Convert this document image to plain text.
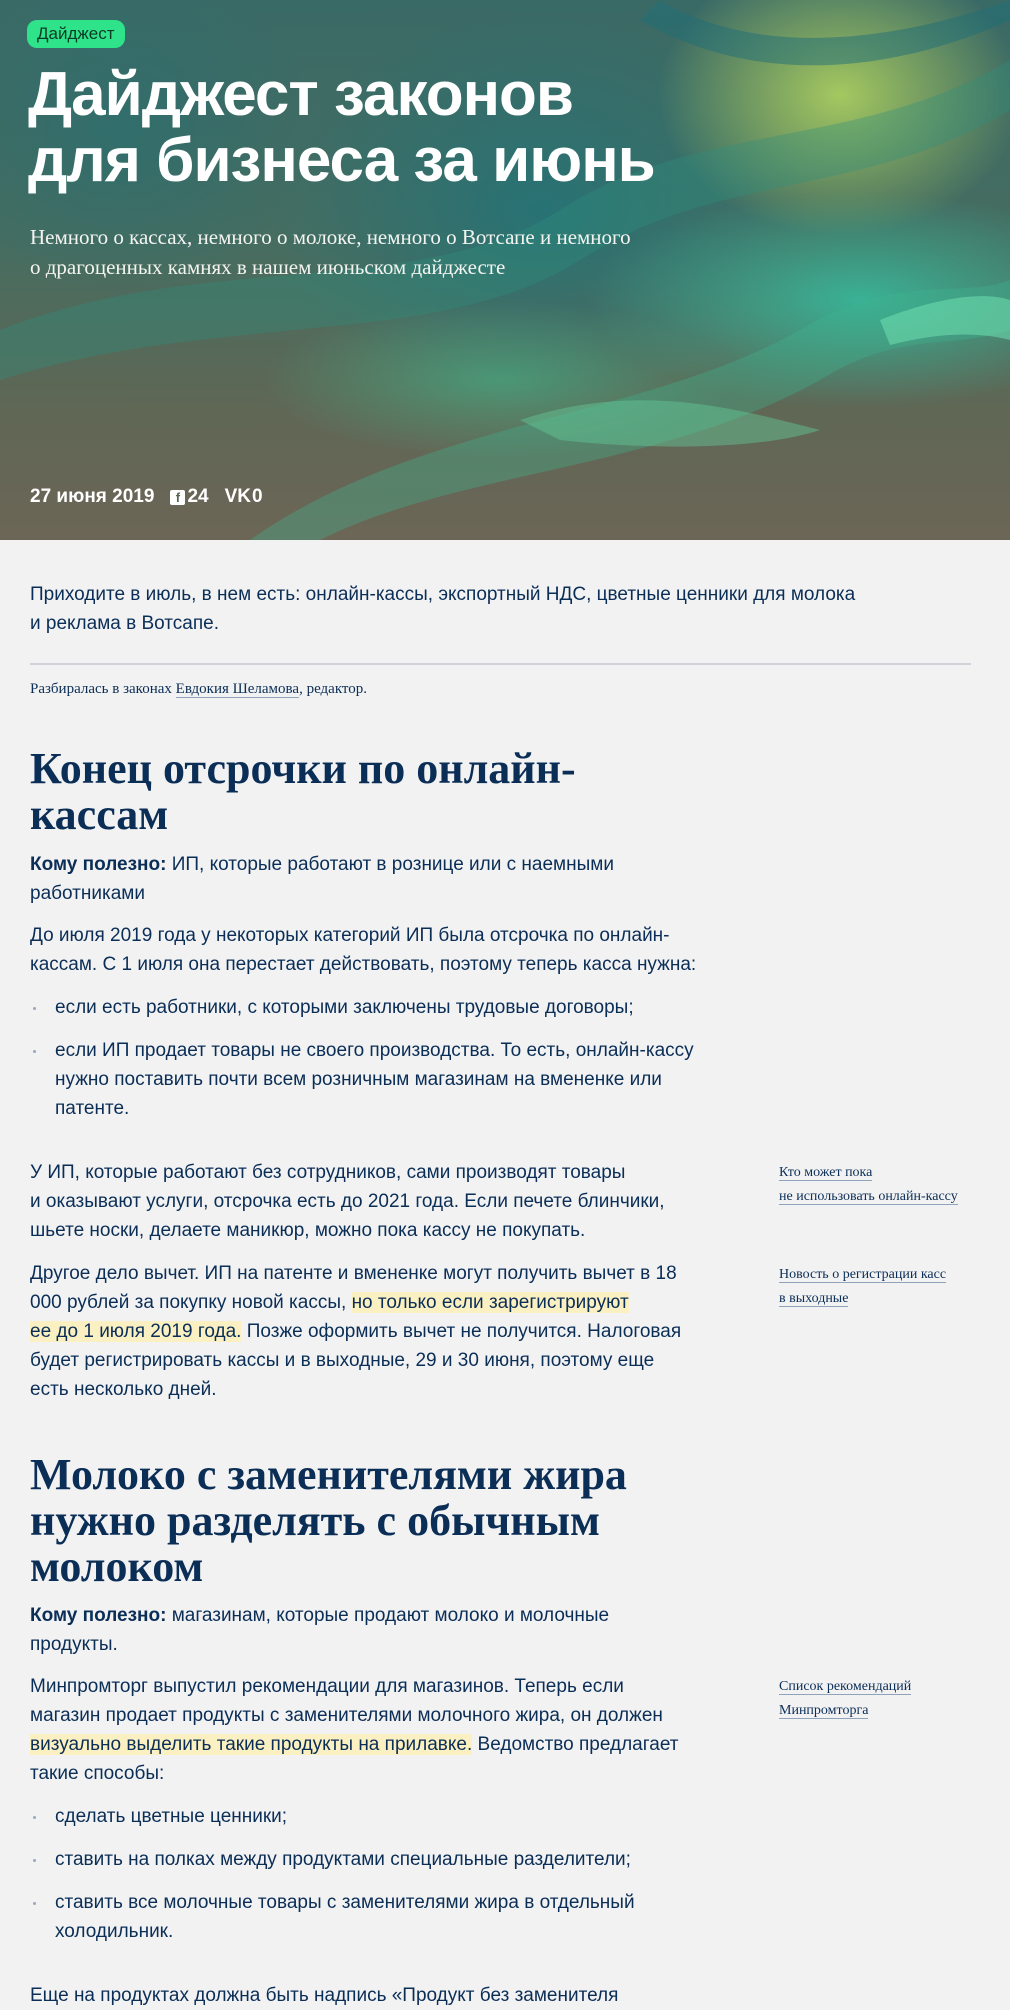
Дайджест
Дайджест законов
для бизнеса за июнь

Немного о кассах, немного о молоке, немного о Вотсапе и немного
о драгоценных камнях в нашем июньском дайджесте

27 июня 2019	f 24 VK 0

Приходите в июль, в нем есть: онлайн-кассы, экспортный НДС, цветные ценники для молока
и реклама в Вотсапе.

Разбиралась в законах Евдокия Шеламова, редактор.

Конец отсрочки по онлайн-
кассам

Кому полезно: ИП, которые работают в рознице или с наемными
работниками

До июля 2019 года у некоторых категорий ИП была отсрочка по онлайн-
кассам. С 1 июля она перестает действовать, поэтому теперь касса нужна:

если есть работники, с которыми заключены трудовые договоры;
если ИП продает товары не своего производства. То есть, онлайн-кассу
нужно поставить почти всем розничным магазинам на вмененке или
патенте.

У ИП, которые работают без сотрудников, сами производят товары
и оказывают услуги, отсрочка есть до 2021 года. Если печете блинчики,
шьете носки, делаете маникюр, можно пока кассу не покупать.

Другое дело вычет. ИП на патенте и вмененке могут получить вычет в 18
000 рублей за покупку новой кассы, но только если зарегистрируют
ее до 1 июля 2019 года. Позже оформить вычет не получится. Налоговая
будет регистрировать кассы и в выходные, 29 и 30 июня, поэтому еще
есть несколько дней.

Кто может пока
не использовать онлайн-кассу
Новость о регистрации касс
в выходные
Молоко с заменителями жира
нужно разделять с обычным
молоком

Кому полезно: магазинам, которые продают молоко и молочные
продукты.

Минпромторг выпустил рекомендации для магазинов. Теперь если
магазин продает продукты с заменителями молочного жира, он должен
визуально выделить такие продукты на прилавке. Ведомство предлагает
такие способы:

сделать цветные ценники;
ставить на полках между продуктами специальные разделители;
ставить все молочные товары с заменителями жира в отдельный
холодильник.

Еще на продуктах должна быть надпись «Продукт без заменителя

Список рекомендаций
Минпромторга
